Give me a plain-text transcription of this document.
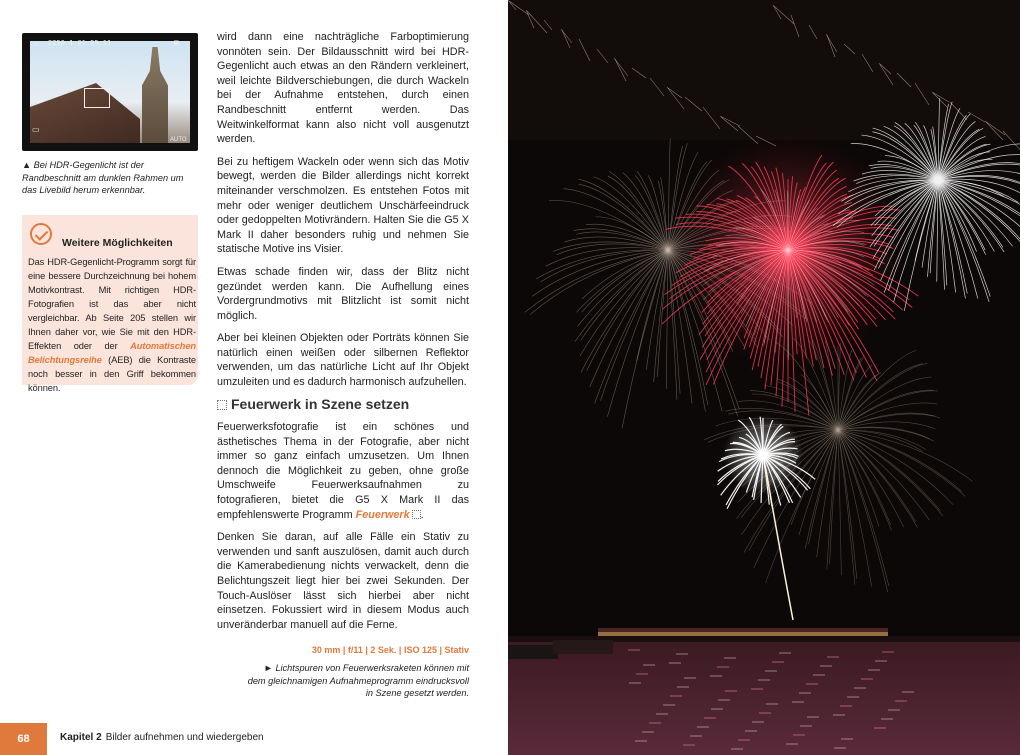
2250 1 01:55:11
☼	◙
▭
AUTO
▲ Bei HDR-Gegenlicht ist der Randbeschnitt am dunklen Rahmen um das Livebild herum erkennbar.
Weitere Möglichkeiten
Das HDR-Gegenlicht-Programm sorgt für eine bessere Durchzeichnung bei hohem Motivkontrast. Mit richtigen HDR-Fotografien ist das aber nicht vergleichbar. Ab Seite 205 stellen wir Ihnen daher vor, wie Sie mit den HDR-Effekten oder der Automatischen Belichtungsreihe (AEB) die Kontraste noch besser in den Griff bekommen können.

wird dann eine nachträgliche Farboptimierung vonnöten sein. Der Bildausschnitt wird bei HDR-Gegenlicht auch etwas an den Rändern verkleinert, weil leichte Bildverschiebungen, die durch Wackeln bei der Aufnahme entstehen, durch einen Randbeschnitt entfernt werden. Das Weitwinkelformat kann also nicht voll ausgenutzt werden.

Bei zu heftigem Wackeln oder wenn sich das Motiv bewegt, werden die Bilder allerdings nicht korrekt miteinander verschmolzen. Es entstehen Fotos mit mehr oder weniger deutlichem Unschärfeeindruck oder gedoppelten Motivrändern. Halten Sie die G5 X Mark II daher besonders ruhig und nehmen Sie statische Motive ins Visier.

Etwas schade finden wir, dass der Blitz nicht gezündet werden kann. Die Aufhellung eines Vordergrundmotivs mit Blitzlicht ist somit nicht möglich.

Aber bei kleinen Objekten oder Porträts können Sie natürlich einen weißen oder silbernen Reflektor verwenden, um das natürliche Licht auf Ihr Objekt umzuleiten und es dadurch harmonisch aufzuhellen.

Feuerwerk in Szene setzen

Feuerwerksfotografie ist ein schönes und ästhetisches Thema in der Fotografie, aber nicht immer so ganz einfach umzusetzen. Um Ihnen dennoch die Möglichkeit zu geben, ohne große Umschweife Feuerwerksaufnahmen zu fotografieren, bietet die G5 X Mark II das empfehlenswerte Programm Feuerwerk .

Denken Sie daran, auf alle Fälle ein Stativ zu verwenden und sanft auszulösen, damit auch durch die Kamerabedienung nichts verwackelt, denn die Belichtungszeit liegt hier bei zwei Sekunden. Der Touch-Auslöser lässt sich hierbei aber nicht einsetzen. Fokussiert wird in diesem Modus auch unveränderbar manuell auf die Ferne.

30 mm | f/11 | 2 Sek. | ISO 125 | Stativ
► Lichtspuren von Feuerwerksraketen können mit dem gleichnamigen Aufnahmeprogramm eindrucksvoll in Szene gesetzt werden.
68	Kapitel 2 Bilder aufnehmen und wiedergeben
